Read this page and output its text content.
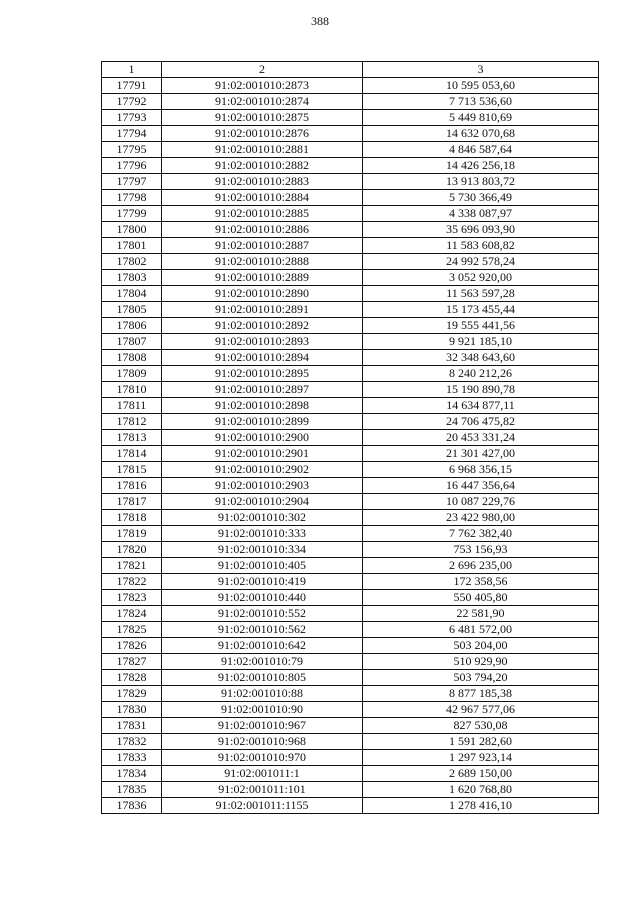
388
1	2	3
17791	91:02:001010:2873	10 595 053,60
17792	91:02:001010:2874	7 713 536,60
17793	91:02:001010:2875	5 449 810,69
17794	91:02:001010:2876	14 632 070,68
17795	91:02:001010:2881	4 846 587,64
17796	91:02:001010:2882	14 426 256,18
17797	91:02:001010:2883	13 913 803,72
17798	91:02:001010:2884	5 730 366,49
17799	91:02:001010:2885	4 338 087,97
17800	91:02:001010:2886	35 696 093,90
17801	91:02:001010:2887	11 583 608,82
17802	91:02:001010:2888	24 992 578,24
17803	91:02:001010:2889	3 052 920,00
17804	91:02:001010:2890	11 563 597,28
17805	91:02:001010:2891	15 173 455,44
17806	91:02:001010:2892	19 555 441,56
17807	91:02:001010:2893	9 921 185,10
17808	91:02:001010:2894	32 348 643,60
17809	91:02:001010:2895	8 240 212,26
17810	91:02:001010:2897	15 190 890,78
17811	91:02:001010:2898	14 634 877,11
17812	91:02:001010:2899	24 706 475,82
17813	91:02:001010:2900	20 453 331,24
17814	91:02:001010:2901	21 301 427,00
17815	91:02:001010:2902	6 968 356,15
17816	91:02:001010:2903	16 447 356,64
17817	91:02:001010:2904	10 087 229,76
17818	91:02:001010:302	23 422 980,00
17819	91:02:001010:333	7 762 382,40
17820	91:02:001010:334	753 156,93
17821	91:02:001010:405	2 696 235,00
17822	91:02:001010:419	172 358,56
17823	91:02:001010:440	550 405,80
17824	91:02:001010:552	22 581,90
17825	91:02:001010:562	6 481 572,00
17826	91:02:001010:642	503 204,00
17827	91:02:001010:79	510 929,90
17828	91:02:001010:805	503 794,20
17829	91:02:001010:88	8 877 185,38
17830	91:02:001010:90	42 967 577,06
17831	91:02:001010:967	827 530,08
17832	91:02:001010:968	1 591 282,60
17833	91:02:001010:970	1 297 923,14
17834	91:02:001011:1	2 689 150,00
17835	91:02:001011:101	1 620 768,80
17836	91:02:001011:1155	1 278 416,10
